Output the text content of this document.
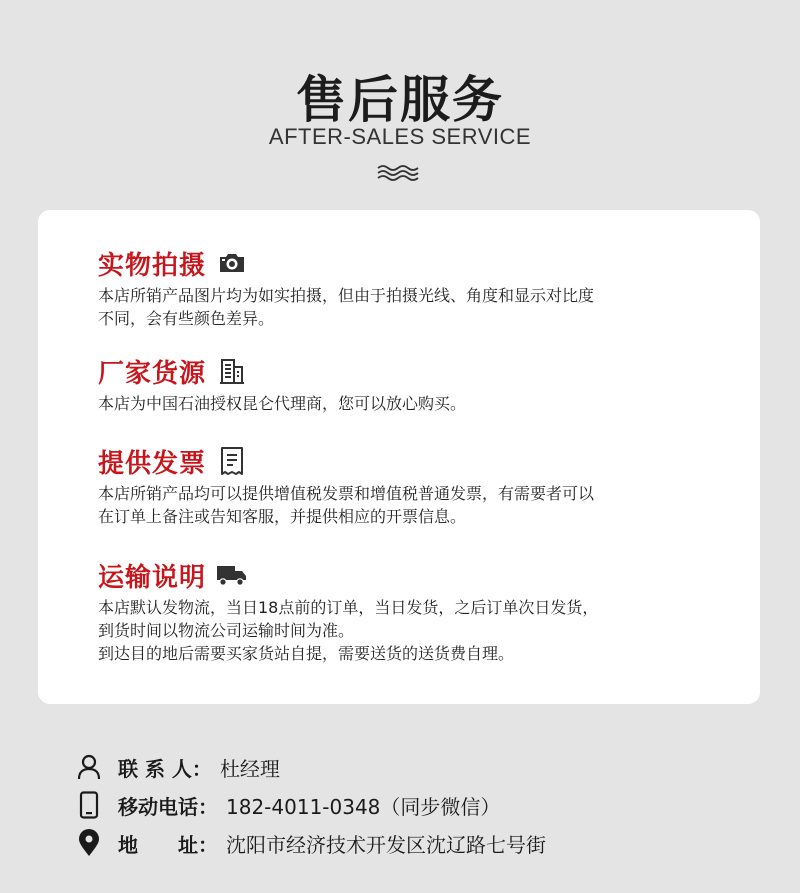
售后服务
AFTER-SALES SERVICE
实物拍摄
本店所销产品图片均为如实拍摄，但由于拍摄光线、角度和显示对比度
不同，会有些颜色差异。
厂家货源
本店为中国石油授权昆仑代理商，您可以放心购买。
提供发票
本店所销产品均可以提供增值税发票和增值税普通发票，有需要者可以
在订单上备注或告知客服，并提供相应的开票信息。
运输说明
本店默认发物流，当日18点前的订单，当日发货，之后订单次日发货，
到货时间以物流公司运输时间为准。
到达目的地后需要买家货站自提，需要送货的送货费自理。
联 系 人： 杜经理
移动电话： 182-4011-0348（同步微信）
地　　址： 沈阳市经济技术开发区沈辽路七号街
